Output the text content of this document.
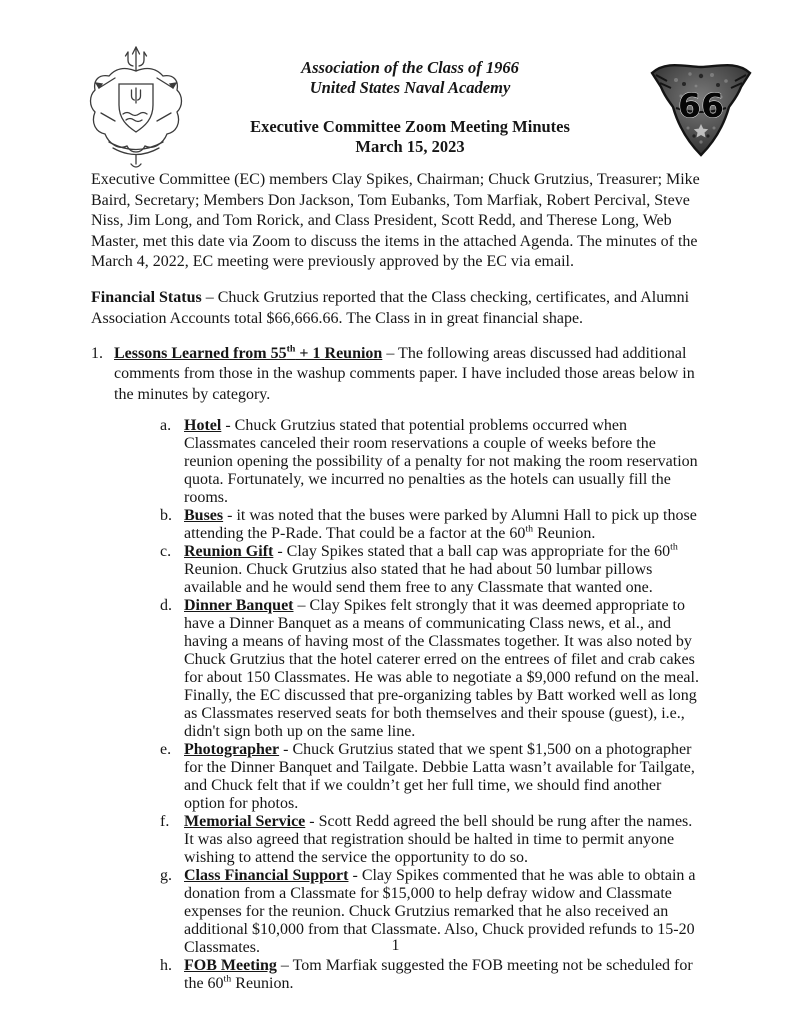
Association of the Class of 1966
United States Naval Academy
Executive Committee Zoom Meeting Minutes
March 15, 2023
66

Executive Committee (EC) members Clay Spikes, Chairman; Chuck Grutzius, Treasurer; Mike Baird, Secretary; Members Don Jackson, Tom Eubanks, Tom Marfiak, Robert Percival, Steve Niss, Jim Long, and Tom Rorick, and Class President, Scott Redd, and Therese Long, Web Master, met this date via Zoom to discuss the items in the attached Agenda. The minutes of the March 4, 2022, EC meeting were previously approved by the EC via email.

Financial Status – Chuck Grutzius reported that the Class checking, certificates, and Alumni Association Accounts total $66,666.66. The Class in in great financial shape.

1. Lessons Learned from 55th + 1 Reunion – The following areas discussed had additional comments from those in the washup comments paper. I have included those areas below in the minutes by category.
a. Hotel - Chuck Grutzius stated that potential problems occurred when Classmates canceled their room reservations a couple of weeks before the reunion opening the possibility of a penalty for not making the room reservation quota. Fortunately, we incurred no penalties as the hotels can usually fill the rooms.
b. Buses - it was noted that the buses were parked by Alumni Hall to pick up those attending the P-Rade. That could be a factor at the 60th Reunion.
c. Reunion Gift - Clay Spikes stated that a ball cap was appropriate for the 60th Reunion. Chuck Grutzius also stated that he had about 50 lumbar pillows available and he would send them free to any Classmate that wanted one.
d. Dinner Banquet – Clay Spikes felt strongly that it was deemed appropriate to have a Dinner Banquet as a means of communicating Class news, et al., and having a means of having most of the Classmates together. It was also noted by Chuck Grutzius that the hotel caterer erred on the entrees of filet and crab cakes for about 150 Classmates. He was able to negotiate a $9,000 refund on the meal. Finally, the EC discussed that pre-organizing tables by Batt worked well as long as Classmates reserved seats for both themselves and their spouse (guest), i.e., didn't sign both up on the same line.
e. Photographer - Chuck Grutzius stated that we spent $1,500 on a photographer for the Dinner Banquet and Tailgate. Debbie Latta wasn’t available for Tailgate, and Chuck felt that if we couldn’t get her full time, we should find another option for photos.
f. Memorial Service - Scott Redd agreed the bell should be rung after the names. It was also agreed that registration should be halted in time to permit anyone wishing to attend the service the opportunity to do so.
g. Class Financial Support - Clay Spikes commented that he was able to obtain a donation from a Classmate for $15,000 to help defray widow and Classmate expenses for the reunion. Chuck Grutzius remarked that he also received an additional $10,000 from that Classmate. Also, Chuck provided refunds to 15-20 Classmates.
h. FOB Meeting – Tom Marfiak suggested the FOB meeting not be scheduled for the 60th Reunion.
1
